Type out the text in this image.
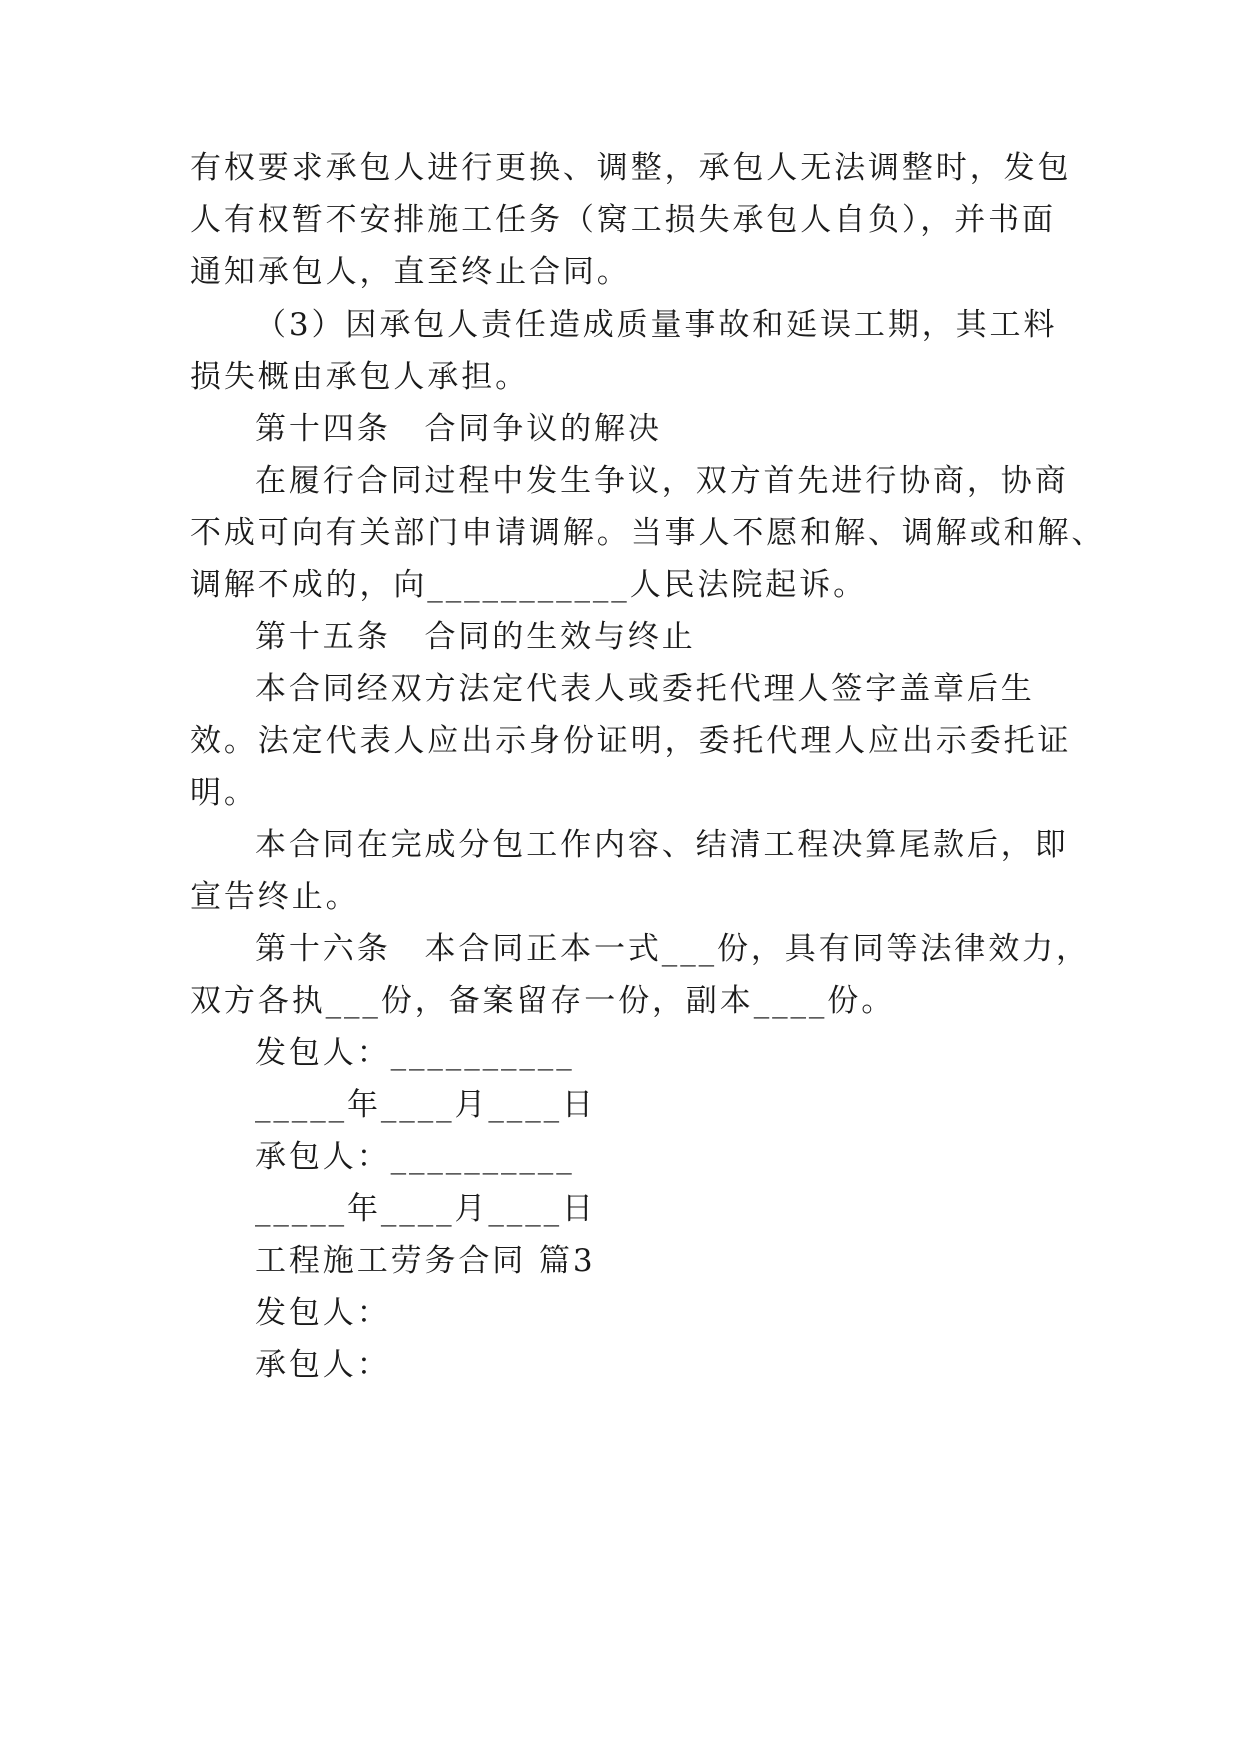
有权要求承包人进行更换、调整，承包人无法调整时，发包
人有权暂不安排施工任务（窝工损失承包人自负），并书面
通知承包人，直至终止合同。
（3）因承包人责任造成质量事故和延误工期，其工料
损失概由承包人承担。
第十四条　合同争议的解决
在履行合同过程中发生争议，双方首先进行协商，协商
不成可向有关部门申请调解。当事人不愿和解、调解或和解、
调解不成的，向___________人民法院起诉。
第十五条　合同的生效与终止
本合同经双方法定代表人或委托代理人签字盖章后生
效。法定代表人应出示身份证明，委托代理人应出示委托证
明。
本合同在完成分包工作内容、结清工程决算尾款后，即
宣告终止。
第十六条　本合同正本一式___份，具有同等法律效力，
双方各执___份，备案留存一份，副本____份。
发包人：__________
_____年____月____日
承包人：__________
_____年____月____日
工程施工劳务合同 篇3
发包人：
承包人：
